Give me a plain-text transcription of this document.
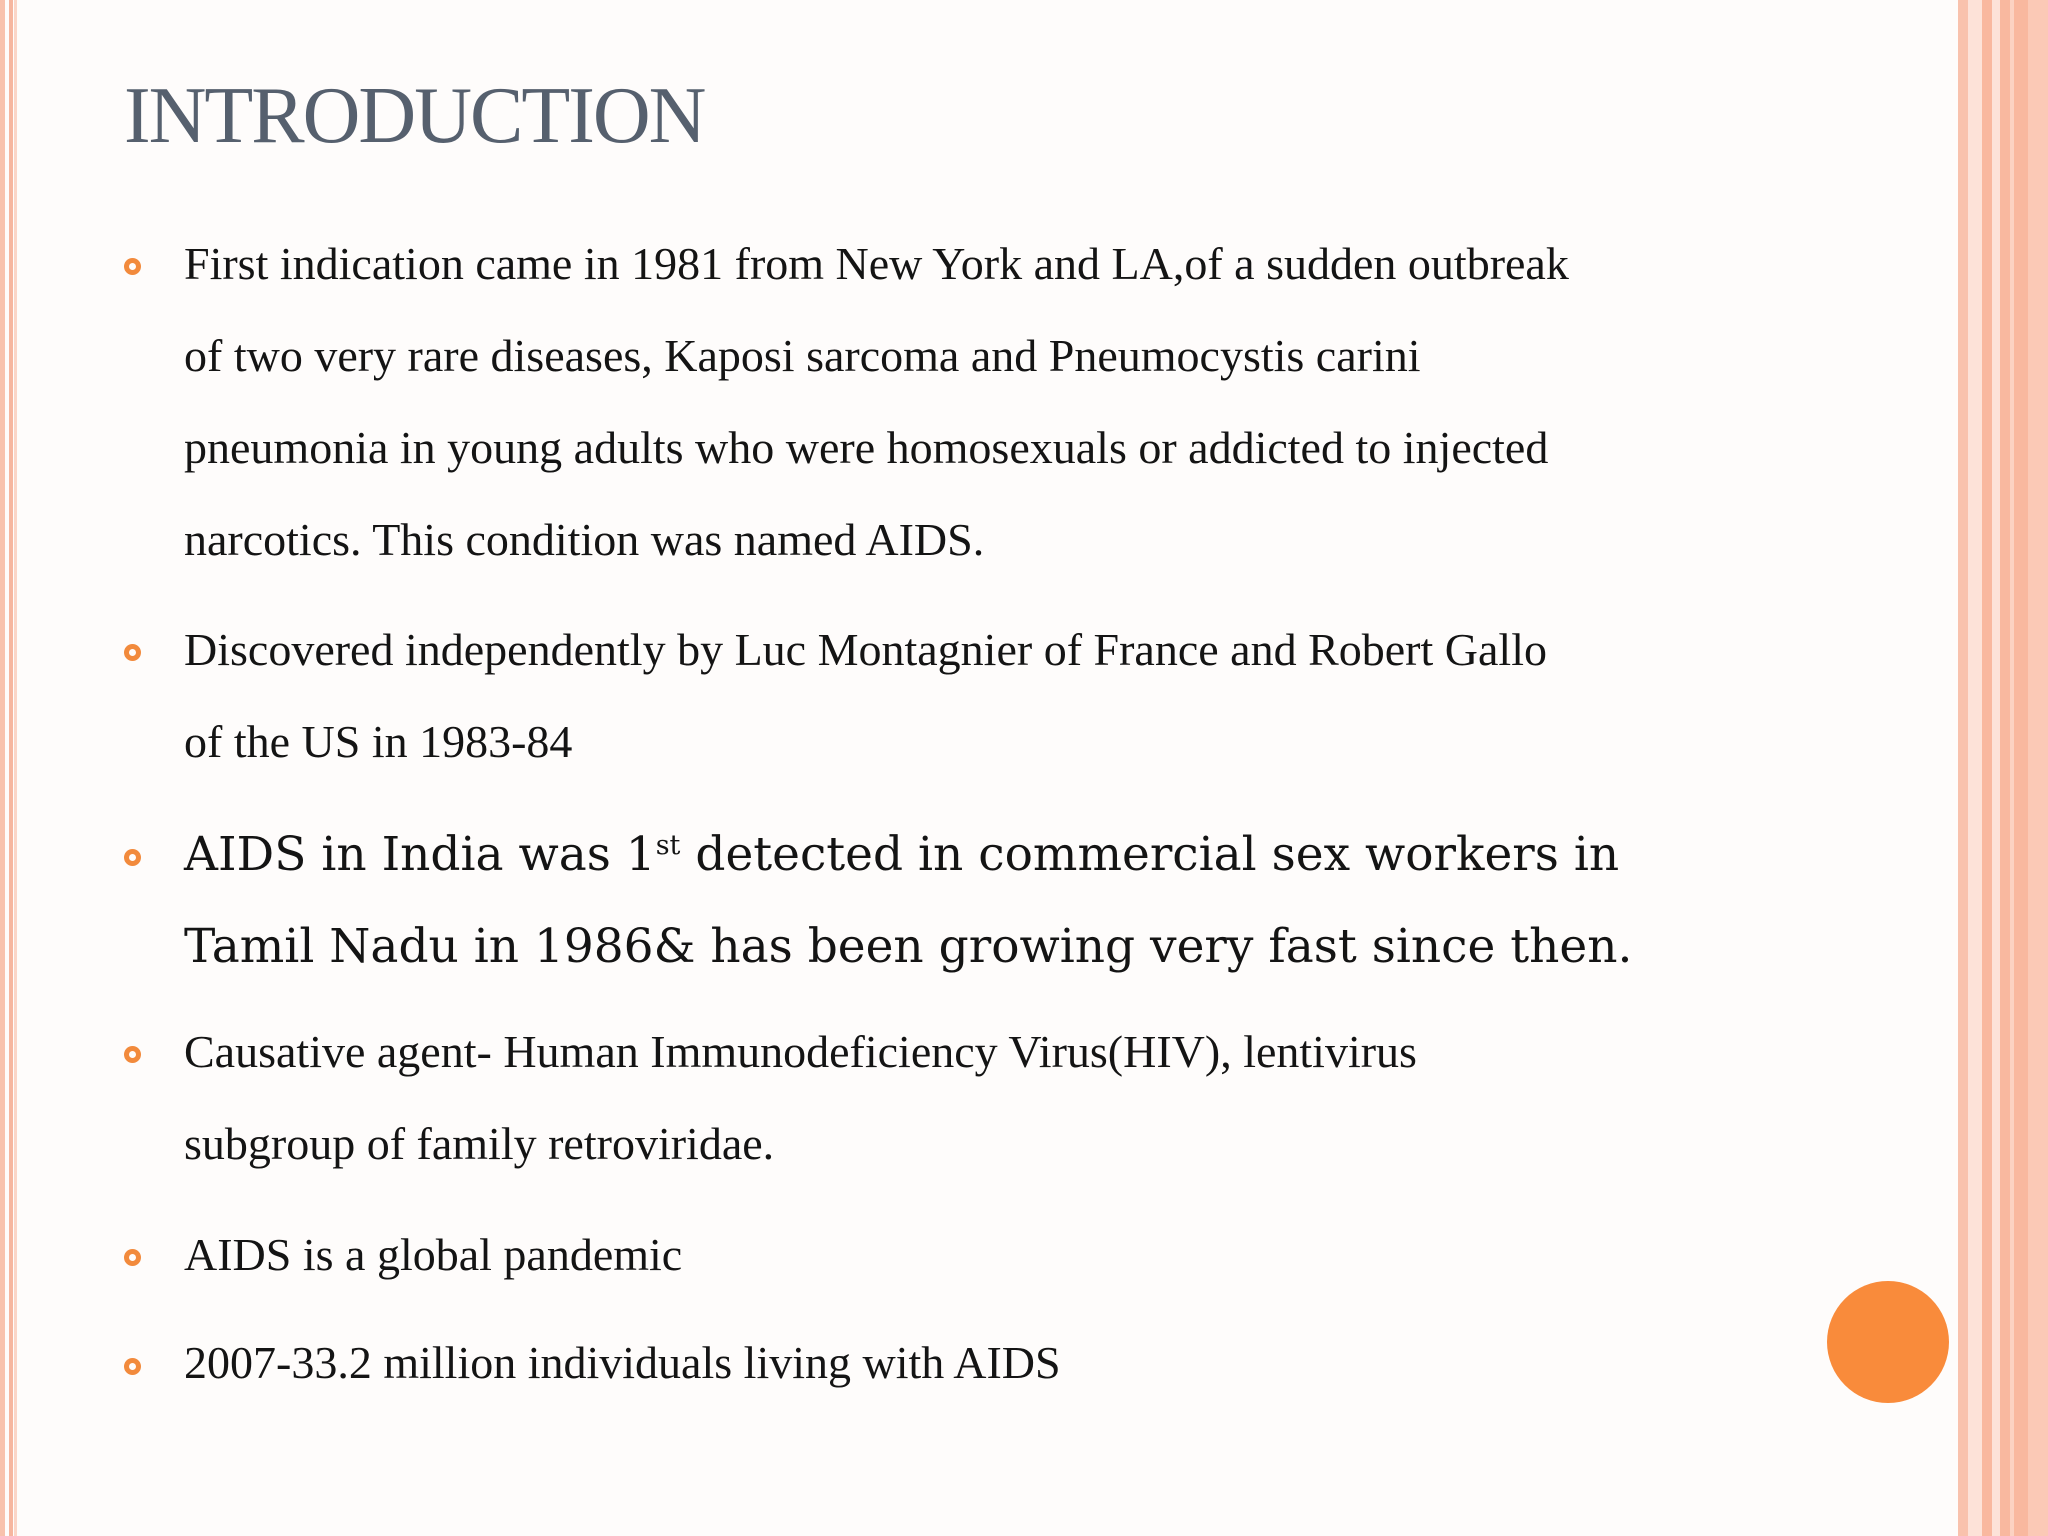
INTRODUCTION
First indication came in 1981 from New York and LA,of a sudden outbreak
of two very rare diseases, Kaposi sarcoma and Pneumocystis carini
pneumonia in young adults who were homosexuals or addicted to injected
narcotics. This condition was named AIDS.
Discovered independently by Luc Montagnier of France and Robert Gallo
of the US in 1983-84
AIDS in India was 1st detected in commercial sex workers in
Tamil Nadu in 1986& has been growing very fast since then.
Causative agent- Human Immunodeficiency Virus(HIV), lentivirus
subgroup of family retroviridae.
AIDS is a global pandemic
2007-33.2 million individuals living with AIDS
